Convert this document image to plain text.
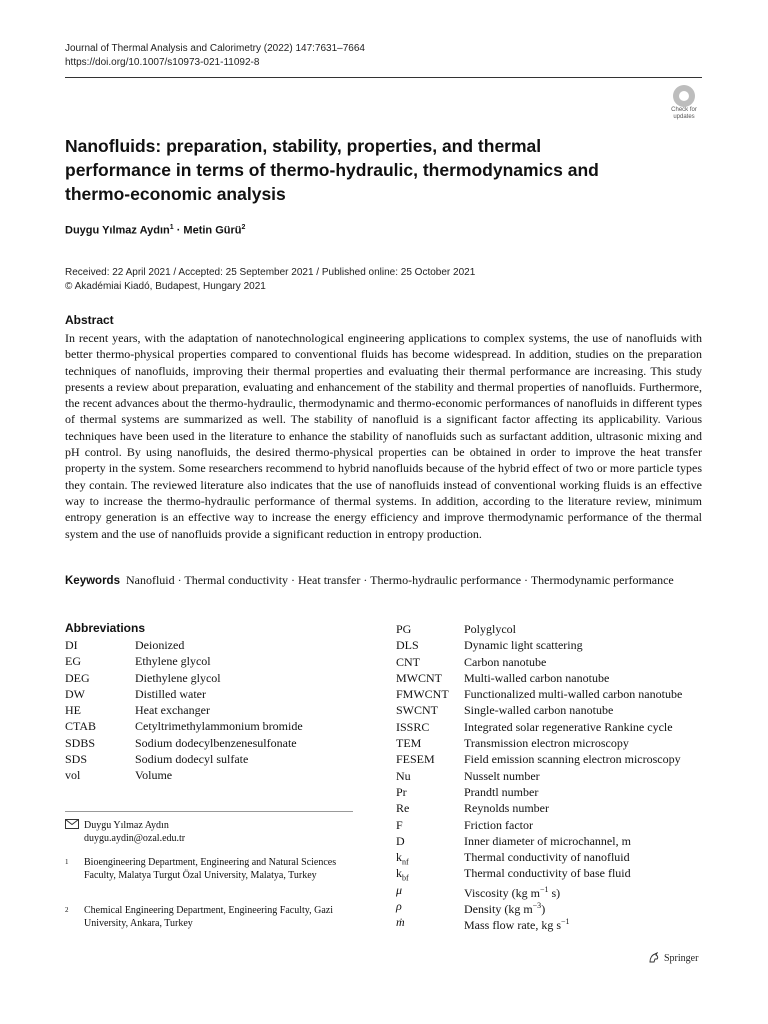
Journal of Thermal Analysis and Calorimetry (2022) 147:7631–7664
https://doi.org/10.1007/s10973-021-11092-8
Check for
updates
Nanofluids: preparation, stability, properties, and thermal performance in terms of thermo-hydraulic, thermodynamics and thermo-economic analysis
Duygu Yılmaz Aydın$^1$ · Metin Gürü$^2$
Received: 22 April 2021 / Accepted: 25 September 2021 / Published online: 25 October 2021
© Akadémiai Kiadó, Budapest, Hungary 2021
Abstract
In recent years, with the adaptation of nanotechnological engineering applications to complex systems, the use of nanofluids with better thermo-physical properties compared to conventional fluids has become widespread. In addition, studies on the preparation techniques of nanofluids, improving their thermal properties and evaluating their thermal performance are increasing. This study presents a review about preparation, evaluating and enhancement of the stability and thermal properties of nanofluids. Furthermore, the recent advances about the thermo-hydraulic, thermodynamic and thermo-economic performances of nanofluids in different types of thermal systems are summarized as well. The stability of nanofluid is a significant factor affecting its applicability. Various techniques have been used in the literature to enhance the stability of nanofluids such as surfactant addition, ultrasonic mixing and pH control. By using nanofluids, the desired thermo-physical properties can be obtained in order to improve the heat transfer property in the system. Some researchers recommend to hybrid nanofluids because of the hybrid effect of two or more particle types they contain. The reviewed literature also indicates that the use of nanofluids instead of conventional working fluids is an effective way to increase the thermo-hydraulic performance of thermal systems. In addition, according to the literature review, minimum entropy generation is an effective way to increase the energy efficiency and improve thermodynamic performance of the thermal system and the use of nanofluids provide a significant reduction in entropy production.
Keywords Nanofluid · Thermal conductivity · Heat transfer · Thermo-hydraulic performance · Thermodynamic performance
Abbreviations
DI	Deionized
EG	Ethylene glycol
DEG	Diethylene glycol
DW	Distilled water
HE	Heat exchanger
CTAB	Cetyltrimethylammonium bromide
SDBS	Sodium dodecylbenzenesulfonate
SDS	Sodium dodecyl sulfate
vol	Volume
PG	Polyglycol
DLS	Dynamic light scattering
CNT	Carbon nanotube
MWCNT Multi-walled carbon nanotube
FMWCNT Functionalized multi-walled carbon nanotube
SWCNT Single-walled carbon nanotube
ISSRC	Integrated solar regenerative Rankine cycle
TEM	Transmission electron microscopy
FESEM Field emission scanning electron microscopy
Nu	Nusselt number
Pr	Prandtl number
Re	Reynolds number
F	Friction factor
D	Inner diameter of microchannel, m
$k_{nf}$	Thermal conductivity of nanofluid
$k_{bf}$	Thermal conductivity of base fluid
μ	Viscosity (kg $m^{-1}$ s)
ρ	Density (kg $m^{-3}$)
ṁ	Mass flow rate, kg $s^{-1}$
Duygu Yılmaz Aydın
duygu.aydin@ozal.edu.tr
1 Bioengineering Department, Engineering and Natural Sciences Faculty, Malatya Turgut Özal University, Malatya, Turkey
2 Chemical Engineering Department, Engineering Faculty, Gazi University, Ankara, Turkey
Springer
